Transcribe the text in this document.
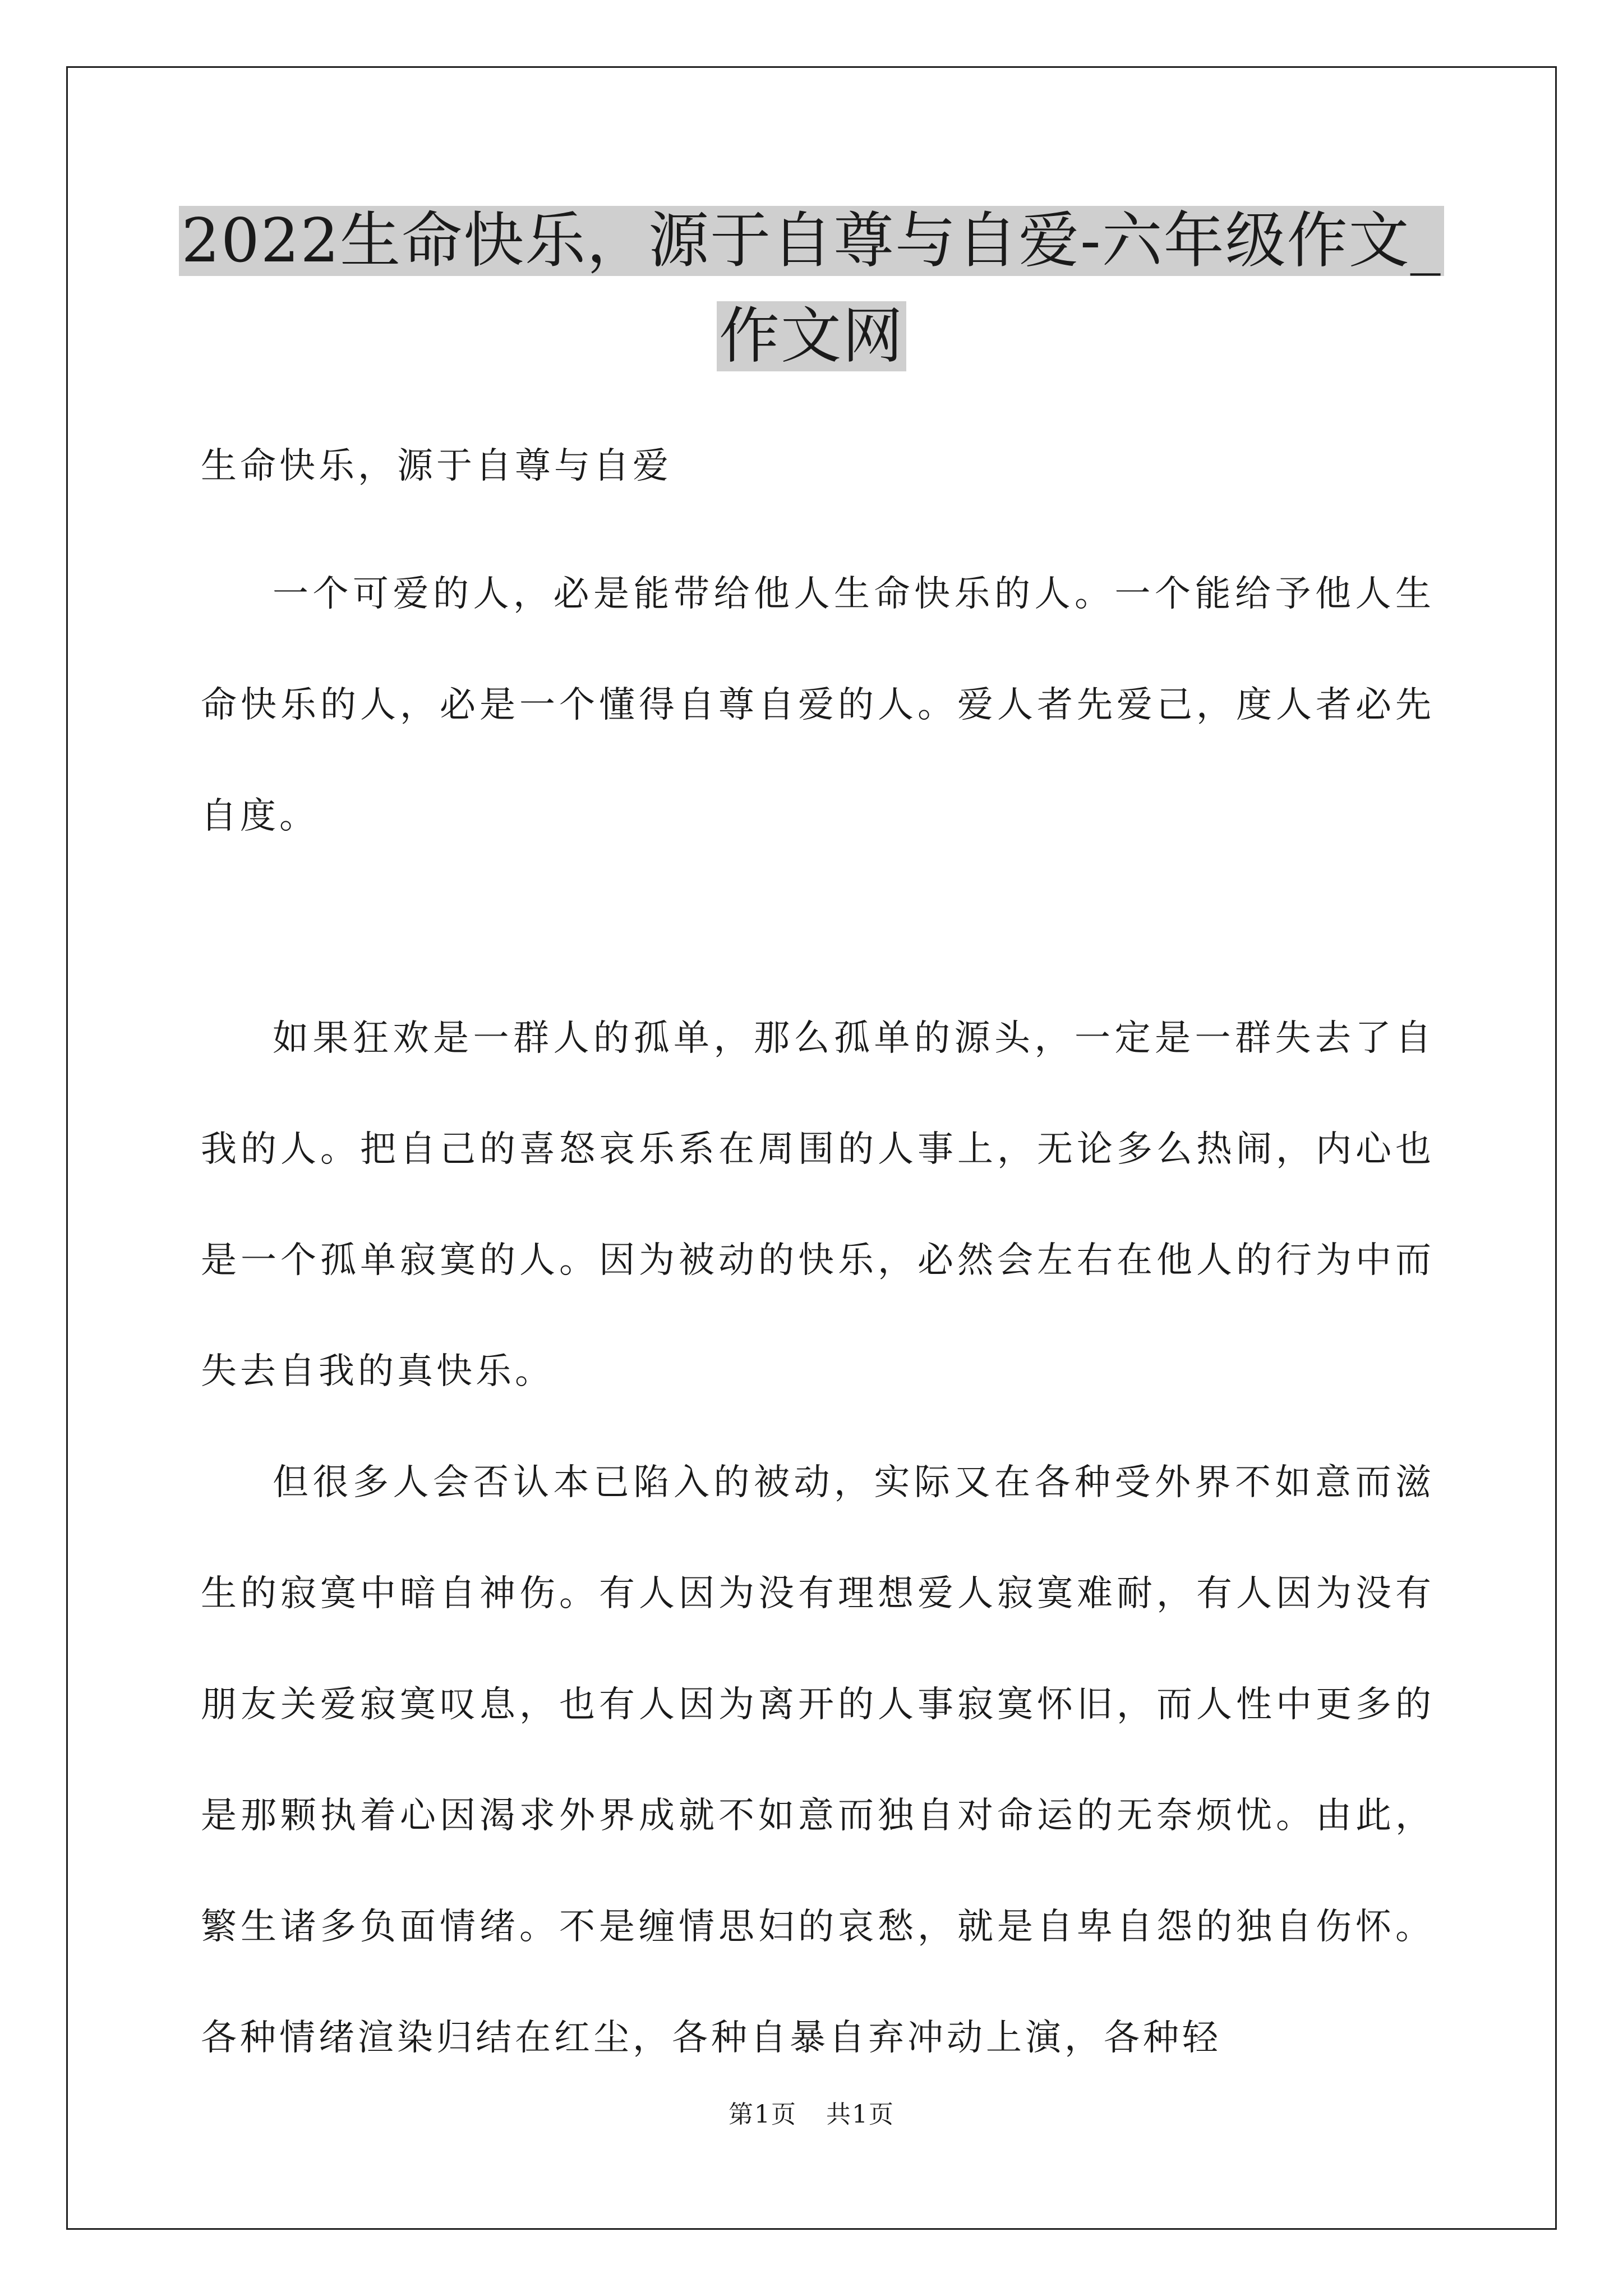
2022生命快乐，源于自尊与自爱-六年级作文_
作文网
生命快乐，源于自尊与自爱

一个可爱的人，必是能带给他人生命快乐的人。一个能给予他人生命快乐的人，必是一个懂得自尊自爱的人。爱人者先爱己，度人者必先自度。

如果狂欢是一群人的孤单，那么孤单的源头，一定是一群失去了自我的人。把自己的喜怒哀乐系在周围的人事上，无论多么热闹，内心也是一个孤单寂寞的人。因为被动的快乐，必然会左右在他人的行为中而失去自我的真快乐。

但很多人会否认本已陷入的被动，实际又在各种受外界不如意而滋生的寂寞中暗自神伤。有人因为没有理想爱人寂寞难耐，有人因为没有朋友关爱寂寞叹息，也有人因为离开的人事寂寞怀旧，而人性中更多的是那颗执着心因渴求外界成就不如意而独自对命运的无奈烦忧。由此，繁生诸多负面情绪。不是缠情思妇的哀愁，就是自卑自怨的独自伤怀。各种情绪渲染归结在红尘，各种自暴自弃冲动上演，各种轻

第1页 共1页
